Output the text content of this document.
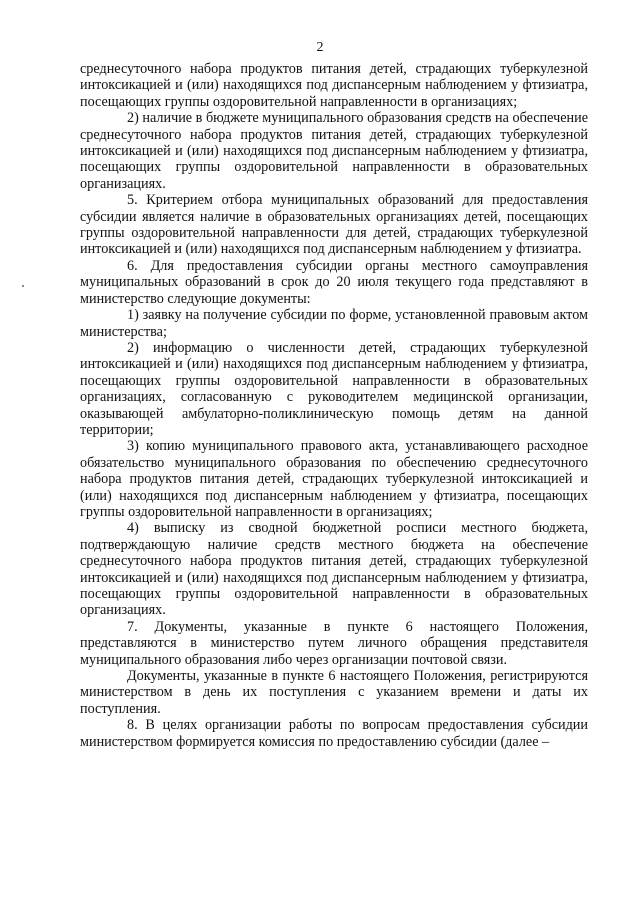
2

среднесуточного набора продуктов питания детей, страдающих туберкулезной интоксикацией и (или) находящихся под диспансерным наблюдением у фтизиатра, посещающих группы оздоровительной направленности в организациях;

2) наличие в бюджете муниципального образования средств на обеспечение среднесуточного набора продуктов питания детей, страдающих туберкулезной интоксикацией и (или) находящихся под диспансерным наблюдением у фтизиатра, посещающих группы оздоровительной направленности в образовательных организациях.

5. Критерием отбора муниципальных образований для предоставления субсидии является наличие в образовательных организациях детей, посещающих группы оздоровительной направленности для детей, страдающих туберкулезной интоксикацией и (или) находящихся под диспансерным наблюдением у фтизиатра.

6. Для предоставления субсидии органы местного самоуправления муниципальных образований в срок до 20 июля текущего года представляют в министерство следующие документы:

1) заявку на получение субсидии по форме, установленной правовым актом министерства;

2) информацию о численности детей, страдающих туберкулезной интоксикацией и (или) находящихся под диспансерным наблюдением у фтизиатра, посещающих группы оздоровительной направленности в образовательных организациях, согласованную с руководителем медицинской организации, оказывающей амбулаторно-поликлиническую помощь детям на данной территории;

3) копию муниципального правового акта, устанавливающего расходное обязательство муниципального образования по обеспечению среднесуточного набора продуктов питания детей, страдающих туберкулезной интоксикацией и (или) находящихся под диспансерным наблюдением у фтизиатра, посещающих группы оздоровительной направленности в организациях;

4) выписку из сводной бюджетной росписи местного бюджета, подтверждающую наличие средств местного бюджета на обеспечение среднесуточного набора продуктов питания детей, страдающих туберкулезной интоксикацией и (или) находящихся под диспансерным наблюдением у фтизиатра, посещающих группы оздоровительной направленности в образовательных организациях.

7. Документы, указанные в пункте 6 настоящего Положения, представляются в министерство путем личного обращения представителя муниципального образования либо через организации почтовой связи.

Документы, указанные в пункте 6 настоящего Положения, регистрируются министерством в день их поступления с указанием времени и даты их поступления.

8. В целях организации работы по вопросам предоставления субсидии министерством формируется комиссия по предоставлению субсидии (далее –
